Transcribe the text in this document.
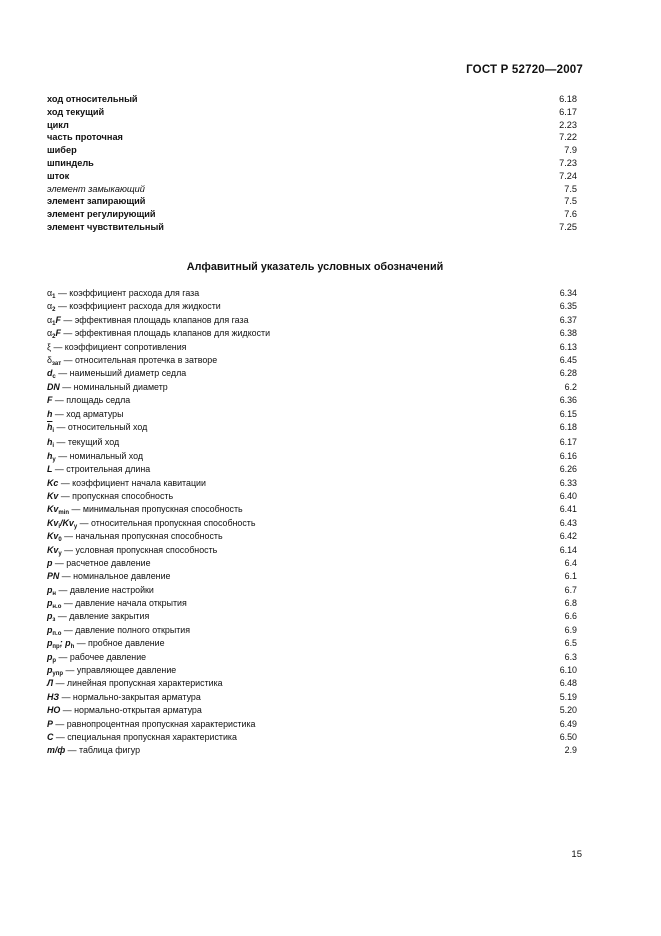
ГОСТ Р 52720—2007
ход относительный	6.18
ход текущий	6.17
цикл	2.23
часть проточная	7.22
шибер	7.9
шпиндель	7.23
шток	7.24
элемент замыкающий	7.5
элемент запирающий	7.5
элемент регулирующий	7.6
элемент чувствительный	7.25
Алфавитный указатель условных обозначений
$\alpha_1$ — коэффициент расхода для газа	6.34
$\alpha_2$ — коэффициент расхода для жидкости	6.35
$\alpha_1F$ — эффективная площадь клапанов для газа	6.37
$\alpha_2F$ — эффективная площадь клапанов для жидкости	6.38
ξ — коэффициент сопротивления	6.13
$\delta_{зат}$ — относительная протечка в затворе	6.45
$d_с$ — наименьший диаметр седла	6.28
DN — номинальный диаметр	6.2
F — площадь седла	6.36
h — ход арматуры	6.15
$\overline{h}_i$ — относительный ход	6.18
$h_i$ — текущий ход	6.17
$h_y$ — номинальный ход	6.16
L — строительная длина	6.26
Kc — коэффициент начала кавитации	6.33
Kv — пропускная способность	6.40
$Kv_{min}$ — минимальная пропускная способность	6.41
$Kv_i/Kv_y$ — относительная пропускная способность	6.43
$Kv_0$ — начальная пропускная способность	6.42
$Kv_y$ — условная пропускная способность	6.14
p — расчетное давление	6.4
PN — номинальное давление	6.1
$p_н$ — давление настройки	6.7
$p_{н.о}$ — давление начала открытия	6.8
$p_з$ — давление закрытия	6.6
$p_{п.о}$ — давление полного открытия	6.9
$p_{пр}$; $p_h$ — пробное давление	6.5
$p_р$ — рабочее давление	6.3
$p_{упр}$ — управляющее давление	6.10
Л — линейная пропускная характеристика	6.48
НЗ — нормально-закрытая арматура	5.19
НО — нормально-открытая арматура	5.20
Р — равнопроцентная пропускная характеристика	6.49
С — специальная пропускная характеристика	6.50
т/ф — таблица фигур	2.9
15
